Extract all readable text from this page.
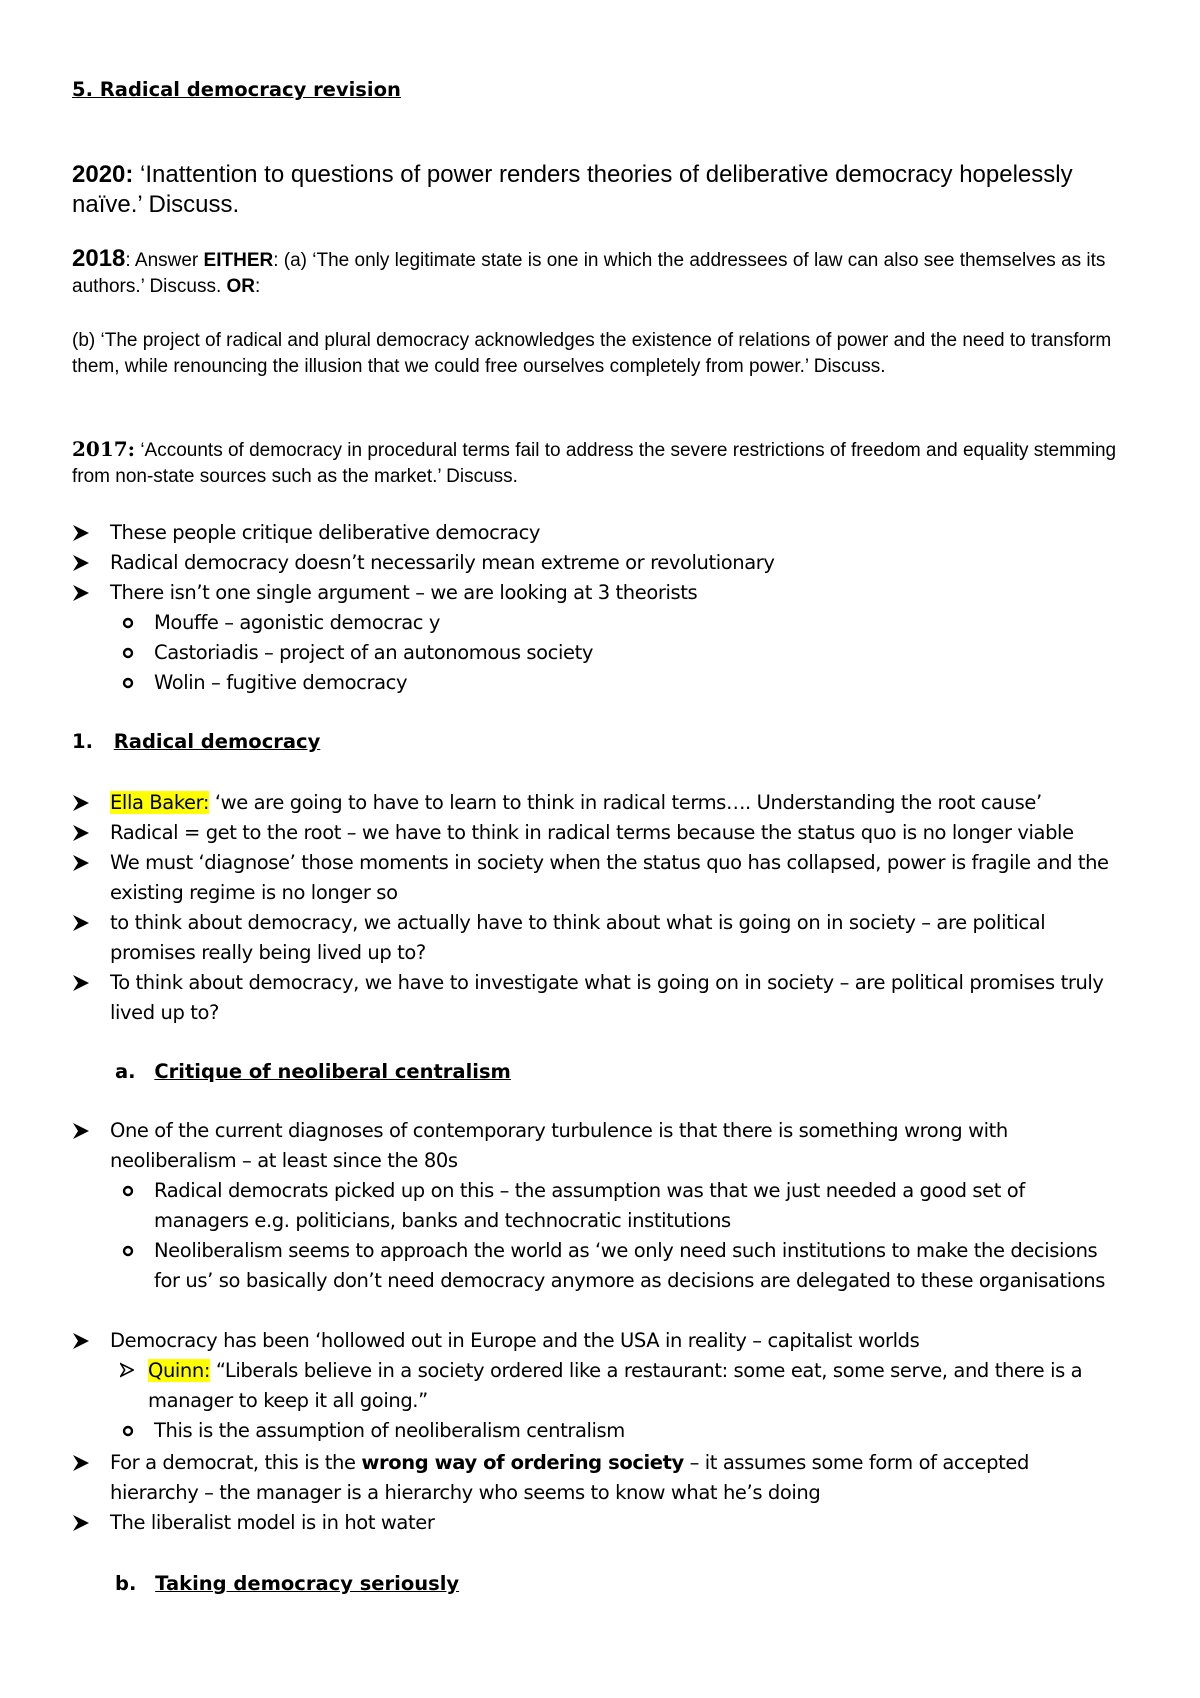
5. Radical democracy revision
2020: ‘Inattention to questions of power renders theories of deliberative democracy hopelessly naïve.’ Discuss.
2018: Answer EITHER: (a) ‘The only legitimate state is one in which the addressees of law can also see themselves as its authors.’ Discuss. OR:
(b) ‘The project of radical and plural democracy acknowledges the existence of relations of power and the need to transform them, while renouncing the illusion that we could free ourselves completely from power.’ Discuss.
2017: ‘Accounts of democracy in procedural terms fail to address the severe restrictions of freedom and equality stemming from non-state sources such as the market.’ Discuss.
These people critique deliberative democracy
Radical democracy doesn’t necessarily mean extreme or revolutionary
There isn’t one single argument – we are looking at 3 theorists
Mouffe – agonistic democrac y
Castoriadis – project of an autonomous society
Wolin – fugitive democracy
1. Radical democracy
Ella Baker: ‘we are going to have to learn to think in radical terms…. Understanding the root cause’
Radical = get to the root – we have to think in radical terms because the status quo is no longer viable
We must ‘diagnose’ those moments in society when the status quo has collapsed, power is fragile and the existing regime is no longer so
to think about democracy, we actually have to think about what is going on in society – are political promises really being lived up to?
To think about democracy, we have to investigate what is going on in society – are political promises truly lived up to?
a. Critique of neoliberal centralism
One of the current diagnoses of contemporary turbulence is that there is something wrong with neoliberalism – at least since the 80s
Radical democrats picked up on this – the assumption was that we just needed a good set of managers e.g. politicians, banks and technocratic institutions
Neoliberalism seems to approach the world as ‘we only need such institutions to make the decisions for us’ so basically don’t need democracy anymore as decisions are delegated to these organisations
Democracy has been ‘hollowed out in Europe and the USA in reality – capitalist worlds
Quinn: “Liberals believe in a society ordered like a restaurant: some eat, some serve, and there is a manager to keep it all going.”
This is the assumption of neoliberalism centralism
For a democrat, this is the wrong way of ordering society – it assumes some form of accepted hierarchy – the manager is a hierarchy who seems to know what he’s doing
The liberalist model is in hot water
b. Taking democracy seriously
